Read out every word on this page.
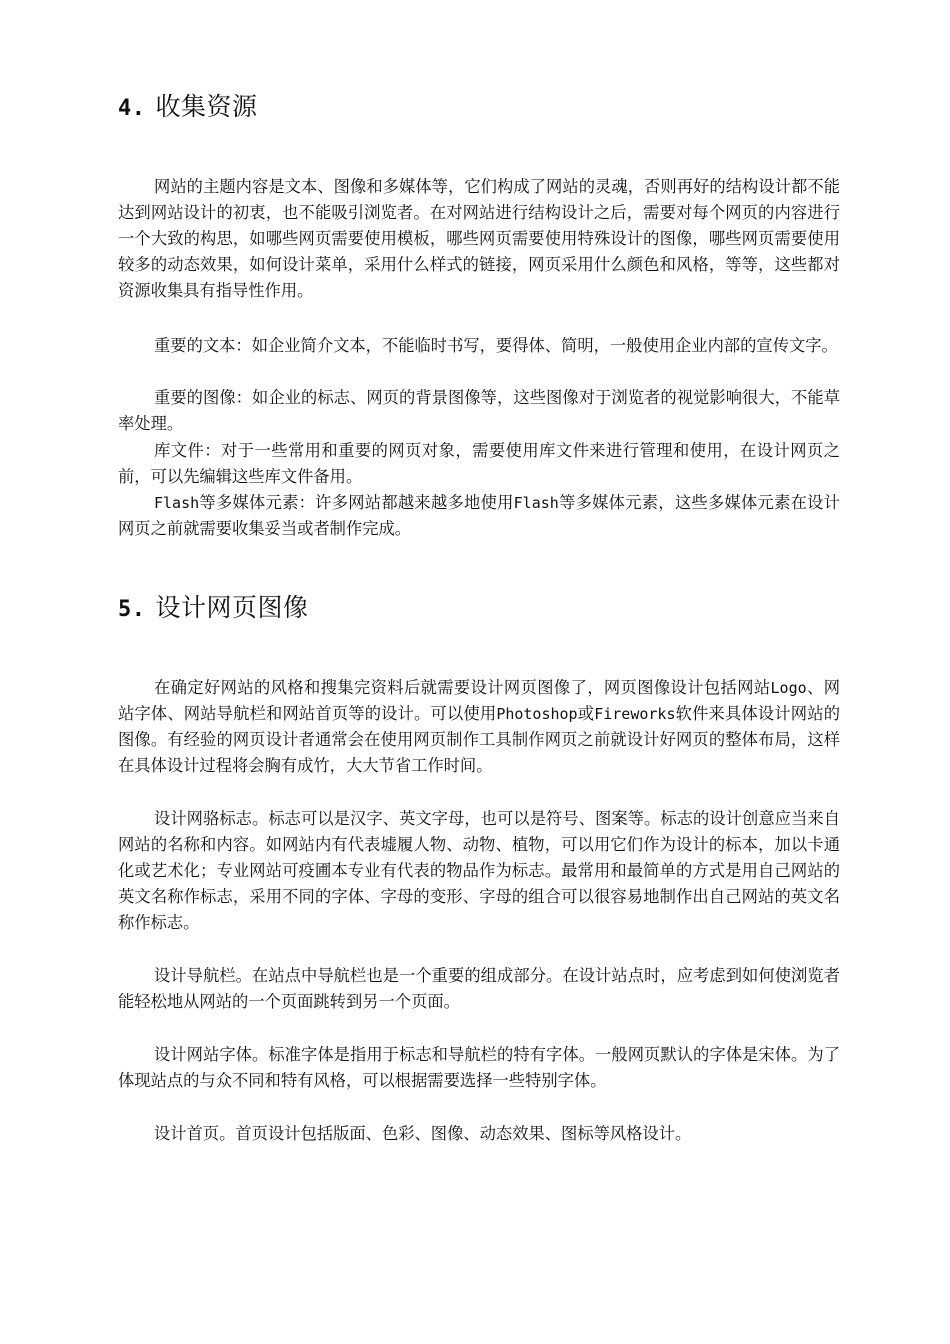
4. 收集资源

网站的主题内容是文本、图像和多媒体等，它们构成了网站的灵魂，否则再好的结构设计都不能达到网站设计的初衷，也不能吸引浏览者。在对网站进行结构设计之后，需要对每个网页的内容进行一个大致的构思，如哪些网页需要使用模板，哪些网页需要使用特殊设计的图像，哪些网页需要使用较多的动态效果，如何设计菜单，采用什么样式的链接，网页采用什么颜色和风格，等等，这些都对资源收集具有指导性作用。

重要的文本：如企业简介文本，不能临时书写，要得体、简明，一般使用企业内部的宣传文字。

重要的图像：如企业的标志、网页的背景图像等，这些图像对于浏览者的视觉影响很大，不能草率处理。

库文件：对于一些常用和重要的网页对象，需要使用库文件来进行管理和使用，在设计网页之前，可以先编辑这些库文件备用。

Flash等多媒体元素：许多网站都越来越多地使用Flash等多媒体元素，这些多媒体元素在设计网页之前就需要收集妥当或者制作完成。

5. 设计网页图像

在确定好网站的风格和搜集完资料后就需要设计网页图像了，网页图像设计包括网站Logo、网站字体、网站导航栏和网站首页等的设计。可以使用Photoshop或Fireworks软件来具体设计网站的图像。有经验的网页设计者通常会在使用网页制作工具制作网页之前就设计好网页的整体布局，这样在具体设计过程将会胸有成竹，大大节省工作时间。

设计网骆标志。标志可以是汉字、英文字母，也可以是符号、图案等。标志的设计创意应当来自网站的名称和内容。如网站内有代表墟履人物、动物、植物，可以用它们作为设计的标本，加以卡通化或艺术化；专业网站可疫圃本专业有代表的物品作为标志。最常用和最简单的方式是用自己网站的英文名称作标志，采用不同的字体、字母的变形、字母的组合可以很容易地制作出自己网站的英文名称作标志。

设计导航栏。在站点中导航栏也是一个重要的组成部分。在设计站点时，应考虑到如何使浏览者能轻松地从网站的一个页面跳转到另一个页面。

设计网站字体。标准字体是指用于标志和导航栏的特有字体。一般网页默认的字体是宋体。为了体现站点的与众不同和特有风格，可以根据需要选择一些特别字体。

设计首页。首页设计包括版面、色彩、图像、动态效果、图标等风格设计。
